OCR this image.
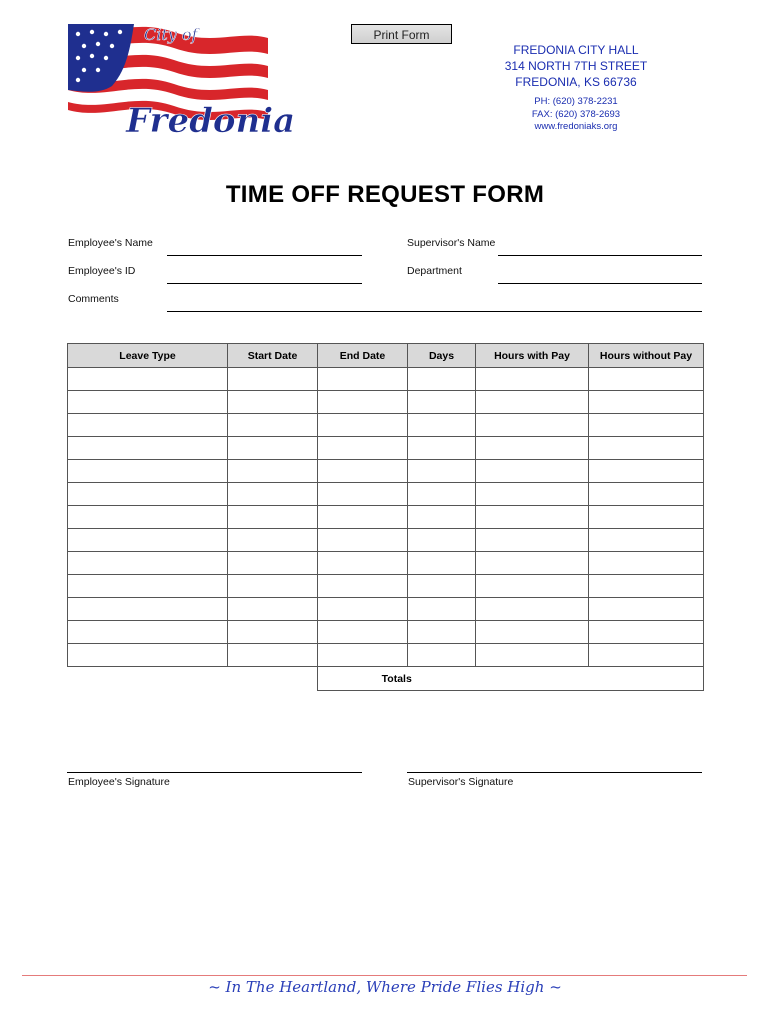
City of
Fredonia
Print Form
FREDONIA CITY HALL
314 NORTH 7TH STREET
FREDONIA, KS 66736
PH: (620) 378-2231
FAX: (620) 378-2693
www.fredoniaks.org
TIME OFF REQUEST FORM
Employee's Name	Supervisor's Name
Employee's ID	Department
Comments
Leave Type	Start Date	End Date	Days	Hours with Pay	Hours without Pay

		Totals			
Employee's Signature	Supervisor's Signature
~ In The Heartland, Where Pride Flies High ~
